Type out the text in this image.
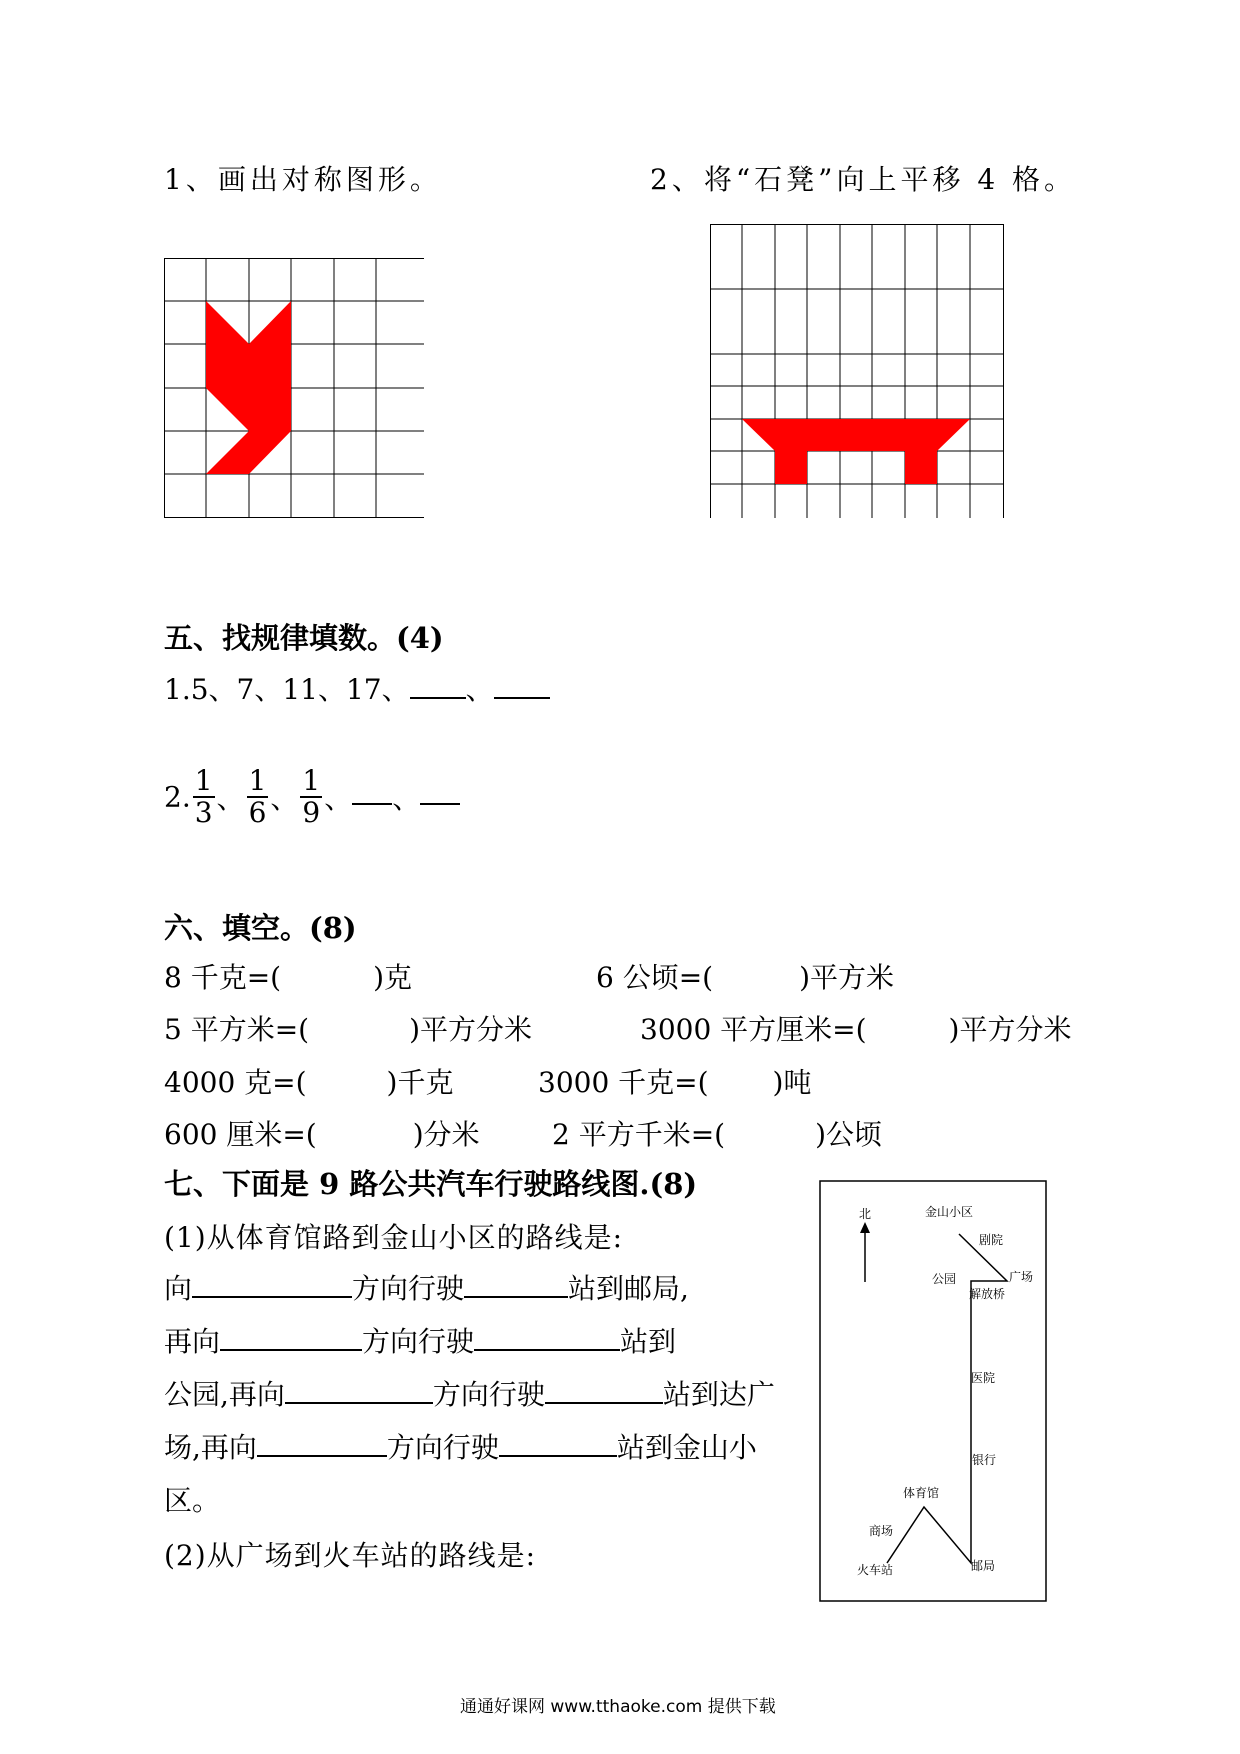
1、画出对称图形。	2、将“石凳”向上平移 4 格。
五、找规律填数。(4)
1.5、7、11、17、 、
2. $\frac{1}{3}$ 、 $\frac{1}{6}$ 、 $\frac{1}{9}$ 、 、
六、填空。(8)
8 千克=(	)克	6 公顷=(	)平方米
5 平方米=(	)平方分米	3000 平方厘米=(	)平方分米
4000 克=(	)千克	3000 千克=( )吨
600 厘米=(	)分米	2 平方千米=(	)公顷
七、下面是 9 路公共汽车行驶路线图.(8)
(1)从体育馆路到金山小区的路线是:
向	方向行驶	站到邮局,
再向	方向行驶	站到
公园,再向	方向行驶	站到达广
场,再向	方向行驶	站到金山小
区。
(2)从广场到火车站的路线是:
北	金山小区
剧院
公园	广场
解放桥
医院
银行
体育馆
商场
火车站	邮局
通通好课网 www.tthaoke.com 提供下载
